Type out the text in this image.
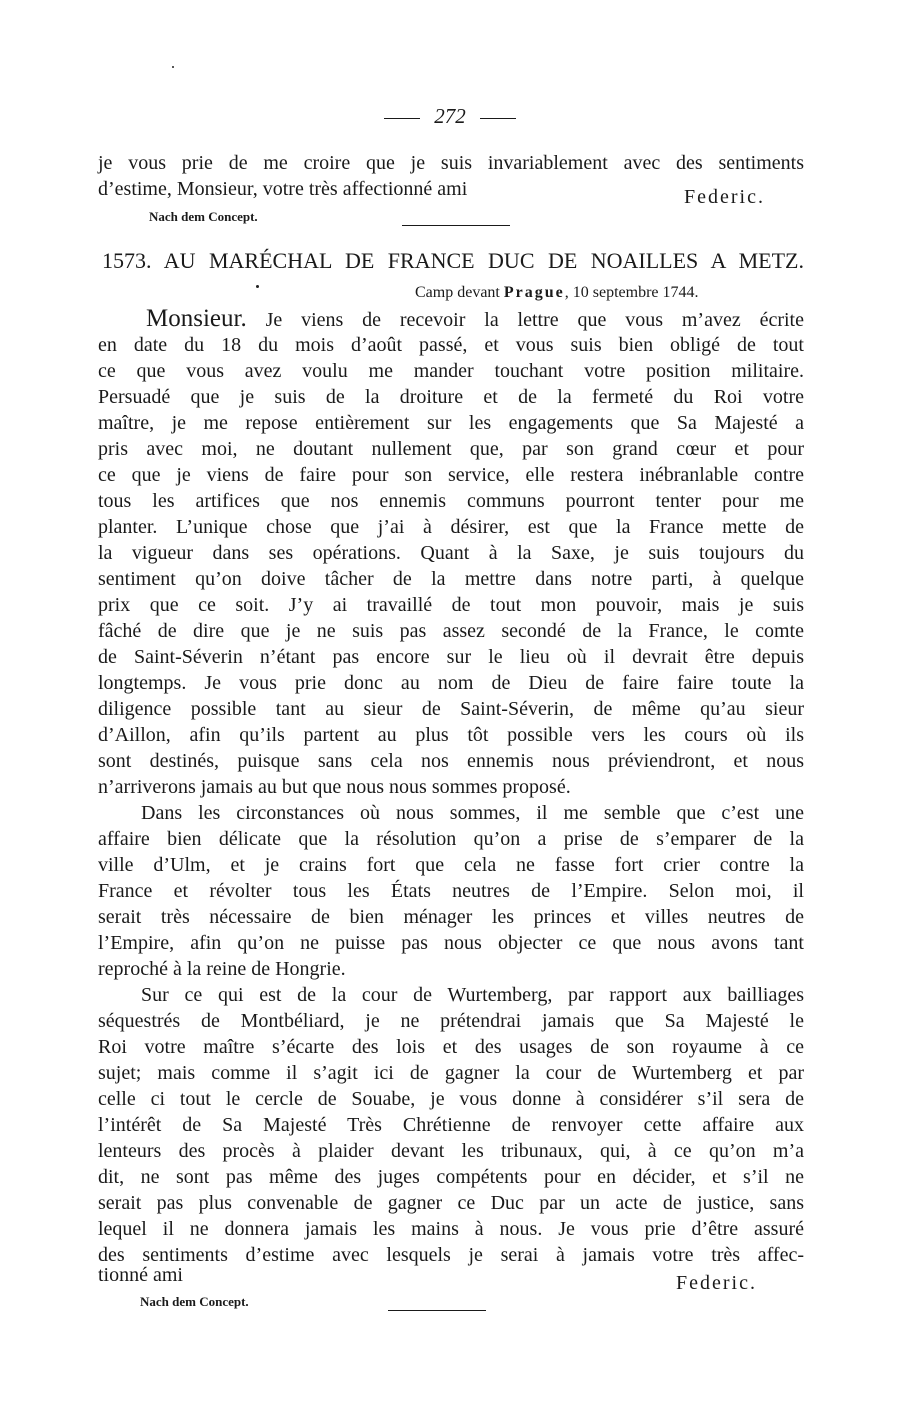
272
je vous prie de me croire que je suis invariablement avec des sentiments
d’estime, Monsieur, votre très affectionné ami	Federic.
Nach dem Concept.
1573. AU MARÉCHAL DE FRANCE DUC DE NOAILLES A METZ.
Camp devant Prague, 10 septembre 1744.
Monsieur. Je viens de recevoir la lettre que vous m’avez écrite
en date du 18 du mois d’août passé, et vous suis bien obligé de tout
ce que vous avez voulu me mander touchant votre position militaire.
Persuadé que je suis de la droiture et de la fermeté du Roi votre
maître, je me repose entièrement sur les engagements que Sa Majesté a
pris avec moi, ne doutant nullement que, par son grand cœur et pour
ce que je viens de faire pour son service, elle restera inébranlable contre
tous les artifices que nos ennemis communs pourront tenter pour me
planter. L’unique chose que j’ai à désirer, est que la France mette de
la vigueur dans ses opérations. Quant à la Saxe, je suis toujours du
sentiment qu’on doive tâcher de la mettre dans notre parti, à quelque
prix que ce soit. J’y ai travaillé de tout mon pouvoir, mais je suis
fâché de dire que je ne suis pas assez secondé de la France, le comte
de Saint-Séverin n’étant pas encore sur le lieu où il devrait être depuis
longtemps. Je vous prie donc au nom de Dieu de faire faire toute la
diligence possible tant au sieur de Saint-Séverin, de même qu’au sieur
d’Aillon, afin qu’ils partent au plus tôt possible vers les cours où ils
sont destinés, puisque sans cela nos ennemis nous préviendront, et nous
n’arriverons jamais au but que nous nous sommes proposé.
Dans les circonstances où nous sommes, il me semble que c’est une
affaire bien délicate que la résolution qu’on a prise de s’emparer de la
ville d’Ulm, et je crains fort que cela ne fasse fort crier contre la
France et révolter tous les États neutres de l’Empire. Selon moi, il
serait très nécessaire de bien ménager les princes et villes neutres de
l’Empire, afin qu’on ne puisse pas nous objecter ce que nous avons tant
reproché à la reine de Hongrie.
Sur ce qui est de la cour de Wurtemberg, par rapport aux bailliages
séquestrés de Montbéliard, je ne prétendrai jamais que Sa Majesté le
Roi votre maître s’écarte des lois et des usages de son royaume à ce
sujet; mais comme il s’agit ici de gagner la cour de Wurtemberg et par
celle ci tout le cercle de Souabe, je vous donne à considérer s’il sera de
l’intérêt de Sa Majesté Très Chrétienne de renvoyer cette affaire aux
lenteurs des procès à plaider devant les tribunaux, qui, à ce qu’on m’a
dit, ne sont pas même des juges compétents pour en décider, et s’il ne
serait pas plus convenable de gagner ce Duc par un acte de justice, sans
lequel il ne donnera jamais les mains à nous. Je vous prie d’être assuré
des sentiments d’estime avec lesquels je serai à jamais votre très affec-
tionné ami	Federic.
Nach dem Concept.
